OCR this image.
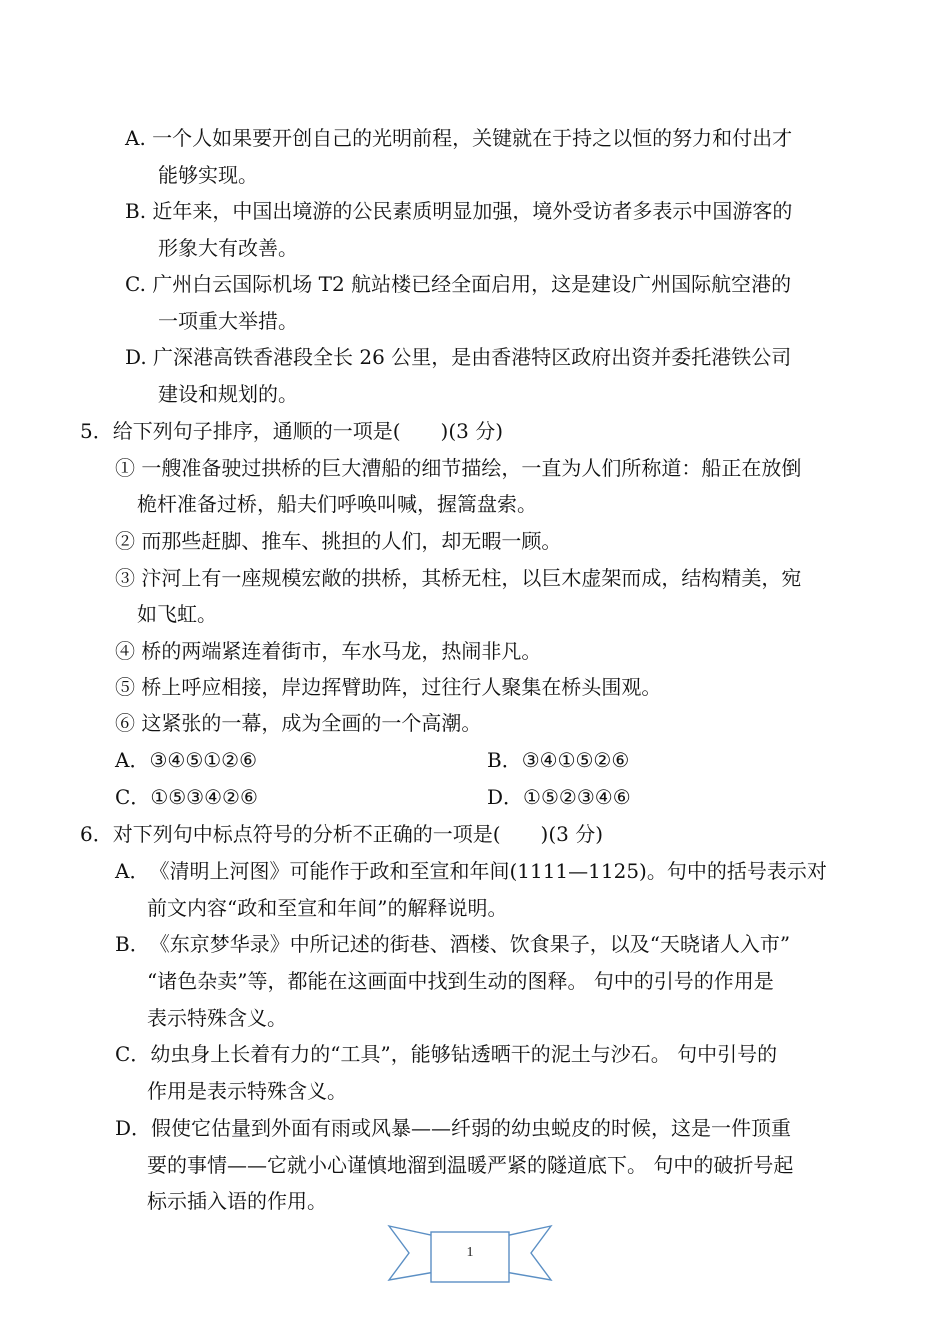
A. 一个人如果要开创自己的光明前程，关键就在于持之以恒的努力和付出才
能够实现。
B. 近年来，中国出境游的公民素质明显加强，境外受访者多表示中国游客的
形象大有改善。
C. 广州白云国际机场 T2 航站楼已经全面启用，这是建设广州国际航空港的
一项重大举措。
D. 广深港高铁香港段全长 26 公里，是由香港特区政府出资并委托港铁公司
建设和规划的。
5．给下列句子排序，通顺的一项是(　　)(3 分)
① 一艘准备驶过拱桥的巨大漕船的细节描绘，一直为人们所称道：船正在放倒
桅杆准备过桥，船夫们呼唤叫喊，握篙盘索。
② 而那些赶脚、推车、挑担的人们，却无暇一顾。
③ 汴河上有一座规模宏敞的拱桥，其桥无柱，以巨木虚架而成，结构精美，宛
如飞虹。
④ 桥的两端紧连着街市，车水马龙，热闹非凡。
⑤ 桥上呼应相接，岸边挥臂助阵，过往行人聚集在桥头围观。
⑥ 这紧张的一幕，成为全画的一个高潮。
A．③④⑤①②⑥	B．③④①⑤②⑥
C．①⑤③④②⑥	D．①⑤②③④⑥
6．对下列句中标点符号的分析不正确的一项是(　　)(3 分)
A．《清明上河图》可能作于政和至宣和年间(1111—1125)。句中的括号表示对
前文内容“政和至宣和年间”的解释说明。
B．《东京梦华录》中所记述的街巷、酒楼、饮食果子，以及“天晓诸人入市”
“诸色杂卖”等，都能在这画面中找到生动的图释。 句中的引号的作用是
表示特殊含义。
C．幼虫身上长着有力的“工具”，能够钻透晒干的泥土与沙石。 句中引号的
作用是表示特殊含义。
D．假使它估量到外面有雨或风暴——纤弱的幼虫蜕皮的时候，这是一件顶重
要的事情——它就小心谨慎地溜到温暖严紧的隧道底下。 句中的破折号起
标示插入语的作用。
1
